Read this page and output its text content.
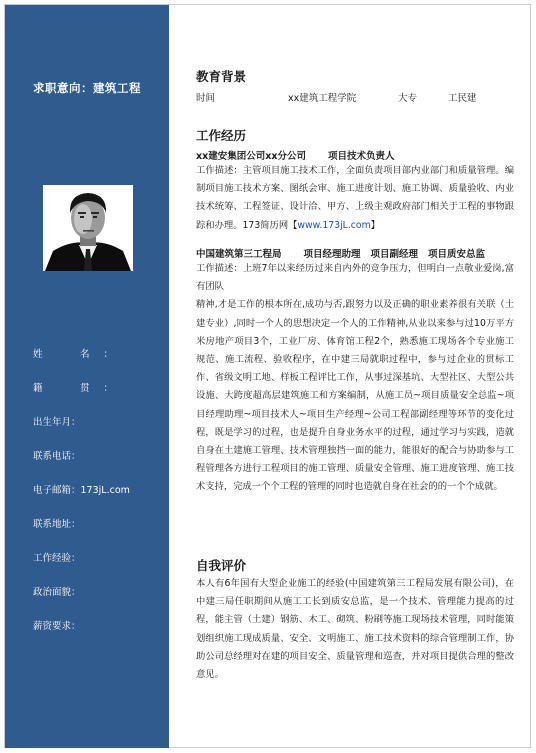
求职意向：建筑工程
姓　名：
籍　贯：
出生年月：
联系电话：
电子邮箱：173jL.com
联系地址：
工作经验：
政治面貌：
薪资要求：
教育背景
时间	xx建筑工程学院	大专	工民建
工作经历
xx建安集团公司xx分公司 项目技术负责人

工作描述：主管项目施工技术工作，全面负责项目部内业部门和质量管理。编制项目施工技术方案、图纸会审、施工进度计划、施工协调、质量验收、内业技术统筹、工程签证、设计洽、甲方、上级主观政府部门相关于工程的事物跟踪和办理。173简历网【www.173jL.com】

中国建筑第三工程局 项目经理助理 项目副经理 项目质安总监

工作描述：上班7年以来经历过来自内外的竞争压力，但明白一点敬业爱岗,富有团队

精神,才是工作的根本所在,成功与否,跟努力以及正确的职业素养很有关联（土建专业）,同时一个人的思想决定一个人的工作精神,从业以来参与过10万平方米房地产项目3个，工业厂房、体育馆工程2个，熟悉施工现场各个专业施工规范、施工流程、验收程序，在中建三局就职过程中，参与过企业的贯标工作、省级文明工地、样板工程评比工作，从事过深基坑、大型社区、大型公共设施、大跨度超高层建筑施工和方案编制，从施工员~项目质量安全总监~项目经理助理~项目技术人~项目生产经理~公司工程部副经理等环节的变化过程，既是学习的过程，也是提升自身业务水平的过程，通过学习与实践，造就自身在土建施工管理、技术管理独挡一面的能力，能很好的配合与协助参与工程管理各方进行工程项目的施工管理、质量安全管理、施工进度管理、施工技术支持，完成一个个工程的管理的同时也造就自身在社会的的一个个成就。

自我评价

本人有6年国有大型企业施工的经验(中国建筑第三工程局发展有限公司)，在中建三局任职期间从施工工长到质安总监，是一个技术、管理能力提高的过程，能主管（土建）钢筋、木工、砌筑、粉刷等施工现场技术管理，同时能策划组织施工现成质量、安全、文明施工、施工技术资料的综合管理制工作，协助公司总经理对在建的项目安全、质量管理和巡查，并对项目提供合理的整改意见。
